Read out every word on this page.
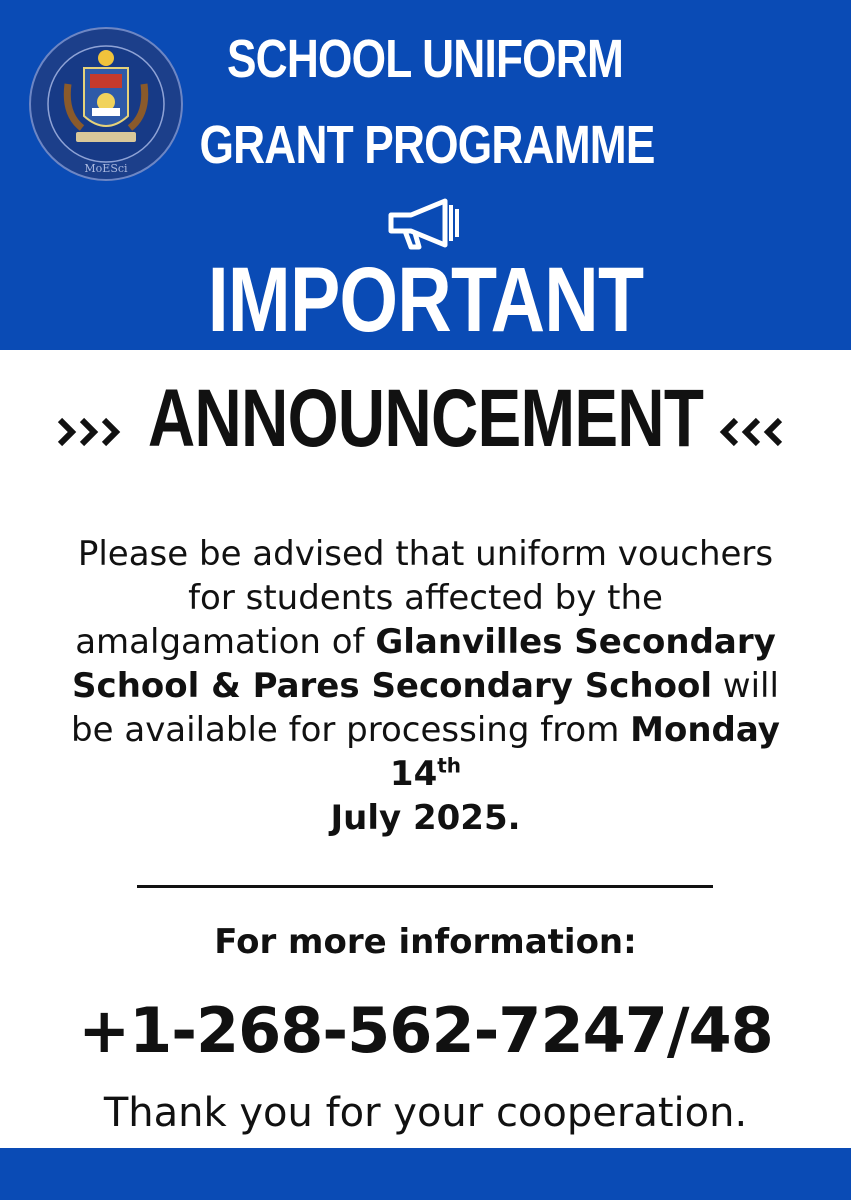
MoESci
SCHOOL UNIFORM
GRANT PROGRAMME
IMPORTANT
ANNOUNCEMENT
Please be advised that uniform vouchers for students affected by the amalgamation of Glanvilles Secondary School & Pares Secondary School will be available for processing from Monday 14th
July 2025.
For more information:
+1-268-562-7247/48
Thank you for your cooperation.
